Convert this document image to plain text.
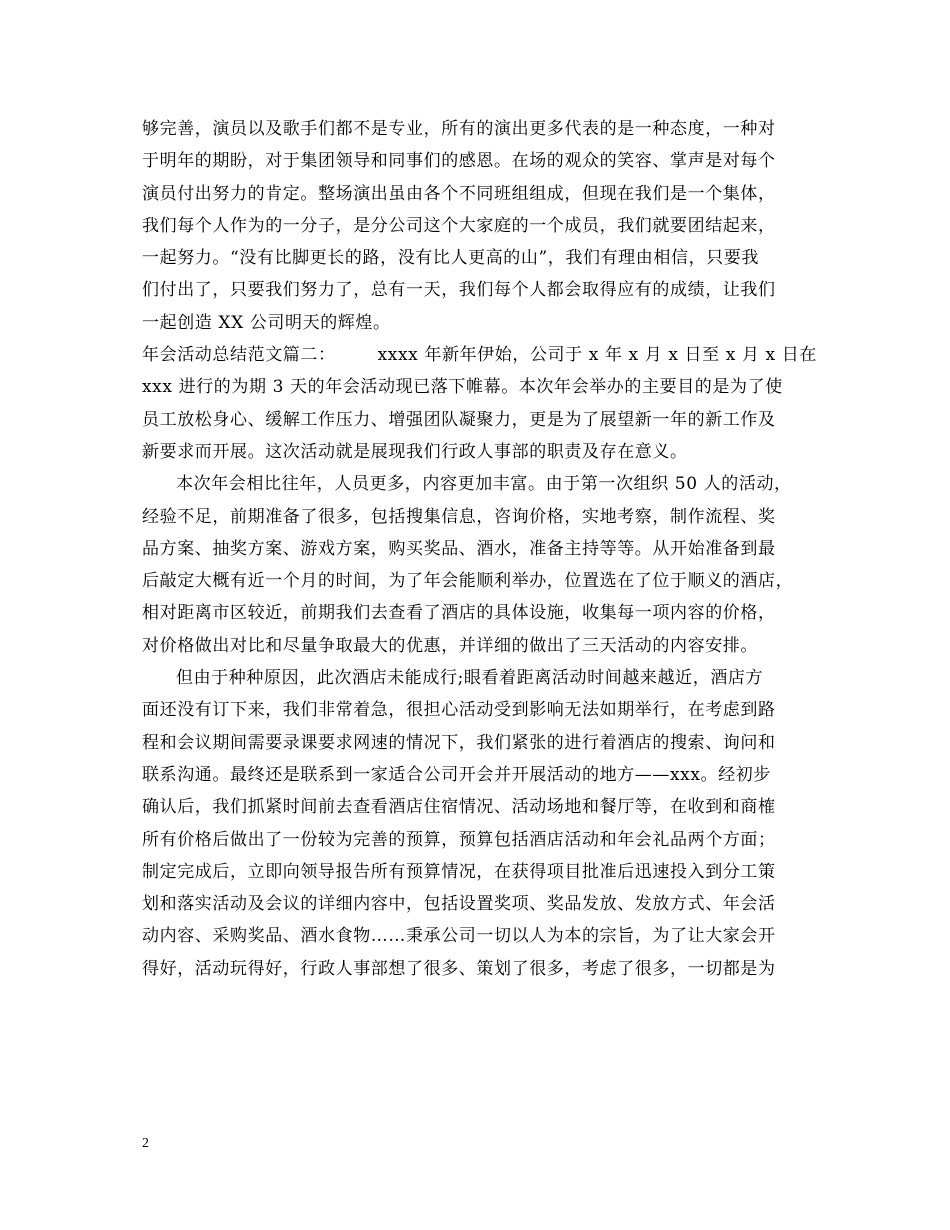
够完善，演员以及歌手们都不是专业，所有的演出更多代表的是一种态度，一种对
于明年的期盼，对于集团领导和同事们的感恩。在场的观众的笑容、掌声是对每个
演员付出努力的肯定。整场演出虽由各个不同班组组成，但现在我们是一个集体，
我们每个人作为的一分子，是分公司这个大家庭的一个成员，我们就要团结起来，
一起努力。“没有比脚更长的路，没有比人更高的山”，我们有理由相信，只要我
们付出了，只要我们努力了，总有一天，我们每个人都会取得应有的成绩，让我们
一起创造 XX 公司明天的辉煌。
年会活动总结范文篇二： xxxx 年新年伊始，公司于 x 年 x 月 x 日至 x 月 x 日在
xxx 进行的为期 3 天的年会活动现已落下帷幕。本次年会举办的主要目的是为了使
员工放松身心、缓解工作压力、增强团队凝聚力，更是为了展望新一年的新工作及
新要求而开展。这次活动就是展现我们行政人事部的职责及存在意义。
本次年会相比往年，人员更多，内容更加丰富。由于第一次组织 50 人的活动，
经验不足，前期准备了很多，包括搜集信息，咨询价格，实地考察，制作流程、奖
品方案、抽奖方案、游戏方案，购买奖品、酒水，准备主持等等。从开始准备到最
后敲定大概有近一个月的时间，为了年会能顺利举办，位置选在了位于顺义的酒店，
相对距离市区较近，前期我们去查看了酒店的具体设施，收集每一项内容的价格，
对价格做出对比和尽量争取最大的优惠，并详细的做出了三天活动的内容安排。
但由于种种原因，此次酒店未能成行;眼看着距离活动时间越来越近，酒店方
面还没有订下来，我们非常着急，很担心活动受到影响无法如期举行，在考虑到路
程和会议期间需要录课要求网速的情况下，我们紧张的进行着酒店的搜索、询问和
联系沟通。最终还是联系到一家适合公司开会并开展活动的地方——xxx。经初步
确认后，我们抓紧时间前去查看酒店住宿情况、活动场地和餐厅等，在收到和商榷
所有价格后做出了一份较为完善的预算，预算包括酒店活动和年会礼品两个方面；
制定完成后，立即向领导报告所有预算情况，在获得项目批准后迅速投入到分工策
划和落实活动及会议的详细内容中，包括设置奖项、奖品发放、发放方式、年会活
动内容、采购奖品、酒水食物……秉承公司一切以人为本的宗旨，为了让大家会开
得好，活动玩得好，行政人事部想了很多、策划了很多，考虑了很多，一切都是为
2
